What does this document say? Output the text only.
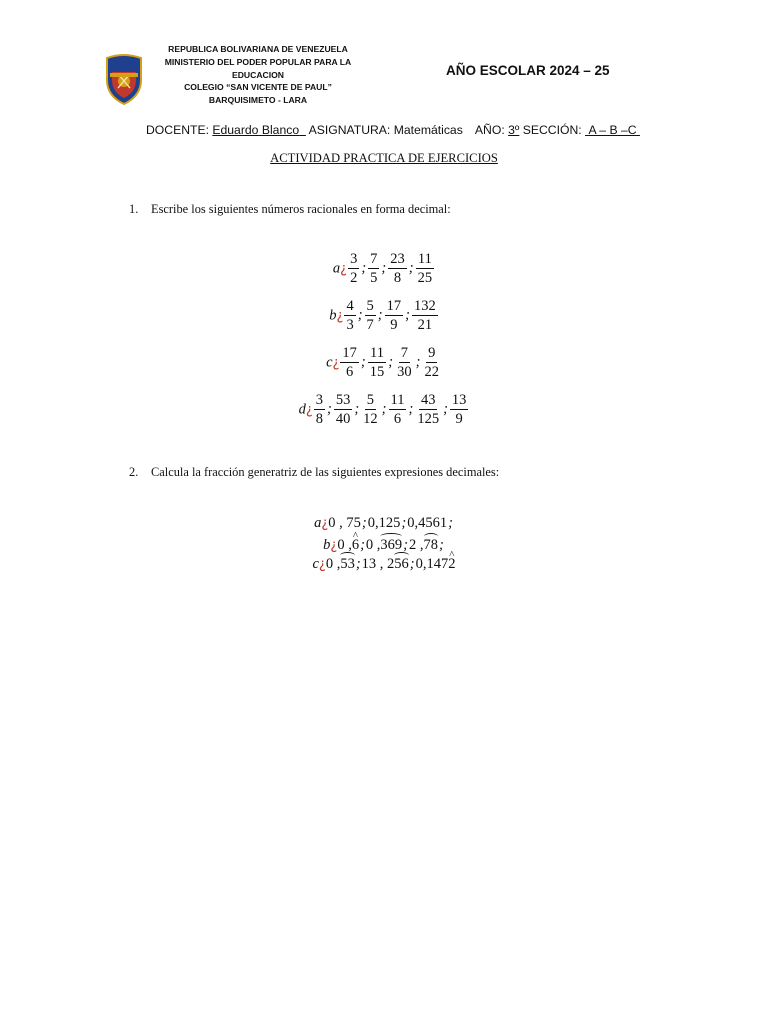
REPUBLICA BOLIVARIANA DE VENEZUELA
MINISTERIO DEL PODER POPULAR PARA LA
EDUCACION
COLEGIO “SAN VICENTE DE PAUL”
BARQUISIMETO - LARA
AÑO ESCOLAR 2024 – 25
DOCENTE: Eduardo Blanco ASIGNATURA: Matemáticas AÑO: 3º SECCIÓN: A – B –C
ACTIVIDAD PRACTICA DE EJERCICIOS
1. Escribe los siguientes números racionales en forma decimal:
a¿ $\frac{3}{2}$ ; $\frac{7}{5}$ ; $\frac{23}{8}$ ; $\frac{11}{25}$
b¿ $\frac{4}{3}$ ; $\frac{5}{7}$ ; $\frac{17}{9}$ ; $\frac{132}{21}$
c¿ $\frac{17}{6}$ ; $\frac{11}{15}$ ; $\frac{7}{30}$ ; $\frac{9}{22}$
d¿ $\frac{3}{8}$ ; $\frac{53}{40}$ ; $\frac{5}{12}$ ; $\frac{11}{6}$ ; $\frac{43}{125}$ ; $\frac{13}{9}$
2. Calcula la fracción generatriz de las siguientes expresiones decimales:
a¿0 , 75;0,125;0,4561;
b¿0 ,^ 6;0 ,369;2 ,78;
c¿0 ,53;13 , 256;0,147^ 2
